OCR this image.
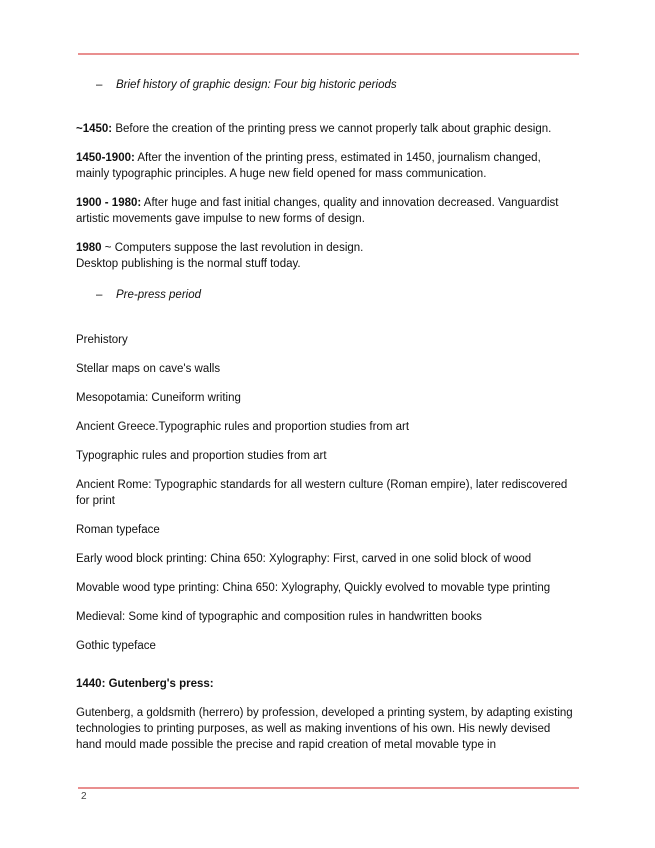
– Brief history of graphic design: Four big historic periods

~1450: Before the creation of the printing press we cannot properly talk about graphic design.

1450-1900: After the invention of the printing press, estimated in 1450, journalism changed, mainly typographic principles. A huge new field opened for mass communication.

1900 - 1980: After huge and fast initial changes, quality and innovation decreased. Vanguardist artistic movements gave impulse to new forms of design.

1980 ~ Computers suppose the last revolution in design.
Desktop publishing is the normal stuff today.

– Pre-press period

Prehistory

Stellar maps on cave's walls

Mesopotamia: Cuneiform writing

Ancient Greece.Typographic rules and proportion studies from art

Typographic rules and proportion studies from art

Ancient Rome: Typographic standards for all western culture (Roman empire), later rediscovered for print

Roman typeface

Early wood block printing: China 650: Xylography: First, carved in one solid block of wood

Movable wood type printing: China 650: Xylography, Quickly evolved to movable type printing

Medieval: Some kind of typographic and composition rules in handwritten books

Gothic typeface

1440: Gutenberg's press:

Gutenberg, a goldsmith (herrero) by profession, developed a printing system, by adapting existing technologies to printing purposes, as well as making inventions of his own. His newly devised hand mould made possible the precise and rapid creation of metal movable type in

2
